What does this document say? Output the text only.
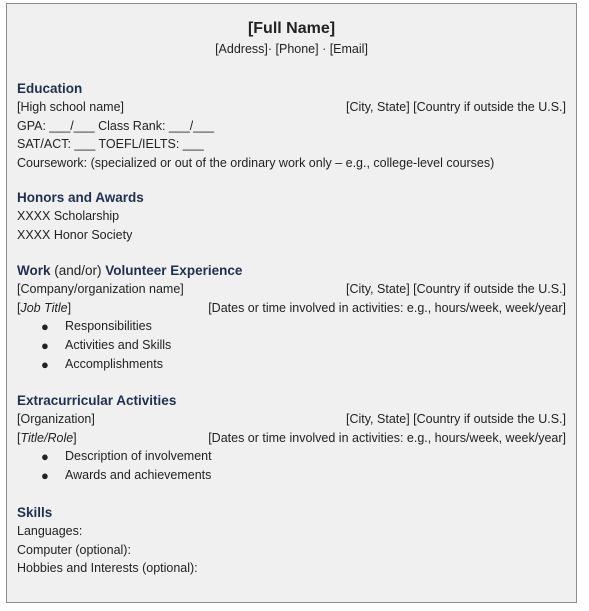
[Full Name]
[Address]· [Phone] · [Email]
Education
[High school name]	[City, State] [Country if outside the U.S.]
GPA: ___/___ Class Rank: ___/___
SAT/ACT: ___ TOEFL/IELTS: ___
Coursework: (specialized or out of the ordinary work only – e.g., college-level courses)
Honors and Awards
XXXX Scholarship
XXXX Honor Society
Work (and/or) Volunteer Experience
[Company/organization name]	[City, State] [Country if outside the U.S.]
[Job Title]	[Dates or time involved in activities: e.g., hours/week, week/year]
● Responsibilities
● Activities and Skills
● Accomplishments
Extracurricular Activities
[Organization]	[City, State] [Country if outside the U.S.]
[Title/Role]	[Dates or time involved in activities: e.g., hours/week, week/year]
● Description of involvement
● Awards and achievements
Skills
Languages:
Computer (optional):
Hobbies and Interests (optional):
